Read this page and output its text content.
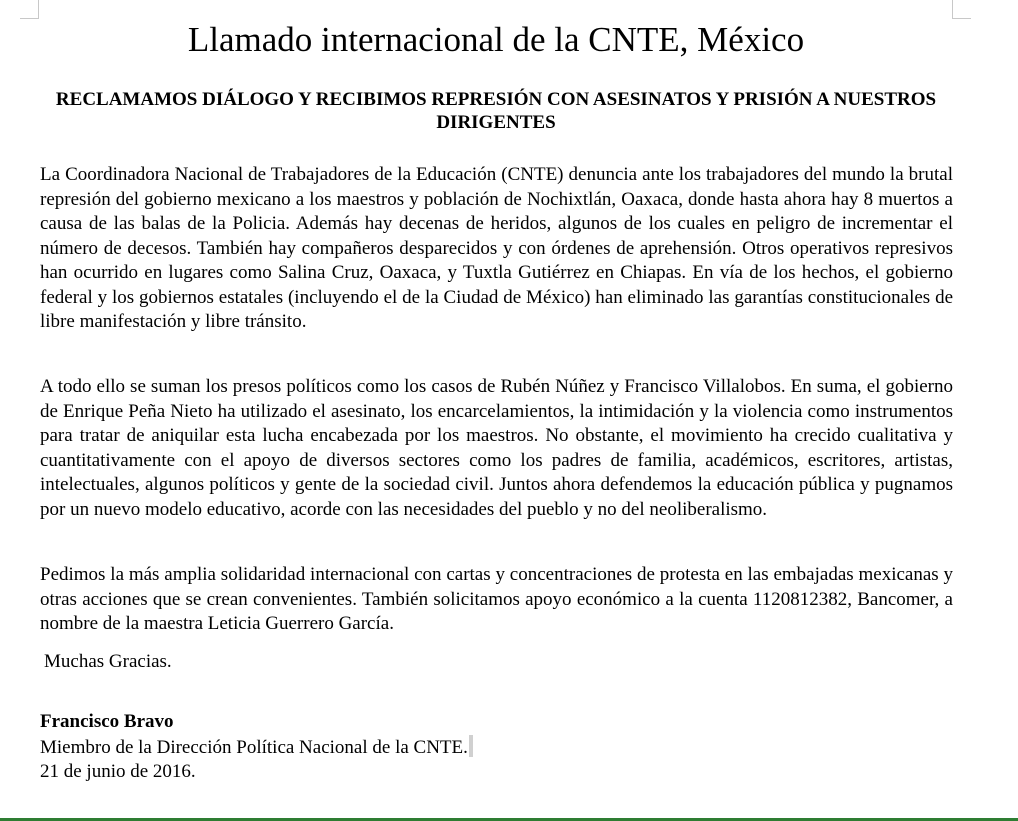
Llamado internacional de la CNTE, México
RECLAMAMOS DIÁLOGO Y RECIBIMOS REPRESIÓN CON ASESINATOS Y PRISIÓN A NUESTROS DIRIGENTES

La Coordinadora Nacional de Trabajadores de la Educación (CNTE) denuncia ante los trabajadores del mundo la brutal represión del gobierno mexicano a los maestros y población de Nochixtlán, Oaxaca, donde hasta ahora hay 8 muertos a causa de las balas de la Policia. Además hay decenas de heridos, algunos de los cuales en peligro de incrementar el número de decesos. También hay compañeros desparecidos y con órdenes de aprehensión. Otros operativos represivos han ocurrido en lugares como Salina Cruz, Oaxaca, y Tuxtla Gutiérrez en Chiapas. En vía de los hechos, el gobierno federal y los gobiernos estatales (incluyendo el de la Ciudad de México) han eliminado las garantías constitucionales de libre manifestación y libre tránsito.

A todo ello se suman los presos políticos como los casos de Rubén Núñez y Francisco Villalobos. En suma, el gobierno de Enrique Peña Nieto ha utilizado el asesinato, los encarcelamientos, la intimidación y la violencia como instrumentos para tratar de aniquilar esta lucha encabezada por los maestros. No obstante, el movimiento ha crecido cualitativa y cuantitativamente con el apoyo de diversos sectores como los padres de familia, académicos, escritores, artistas, intelectuales, algunos políticos y gente de la sociedad civil. Juntos ahora defendemos la educación pública y pugnamos por un nuevo modelo educativo, acorde con las necesidades del pueblo y no del neoliberalismo.

Pedimos la más amplia solidaridad internacional con cartas y concentraciones de protesta en las embajadas mexicanas y otras acciones que se crean convenientes. También solicitamos apoyo económico a la cuenta 1120812382, Bancomer, a nombre de la maestra Leticia Guerrero García.

Muchas Gracias.

Francisco Bravo

Miembro de la Dirección Política Nacional de la CNTE.

21 de junio de 2016.
